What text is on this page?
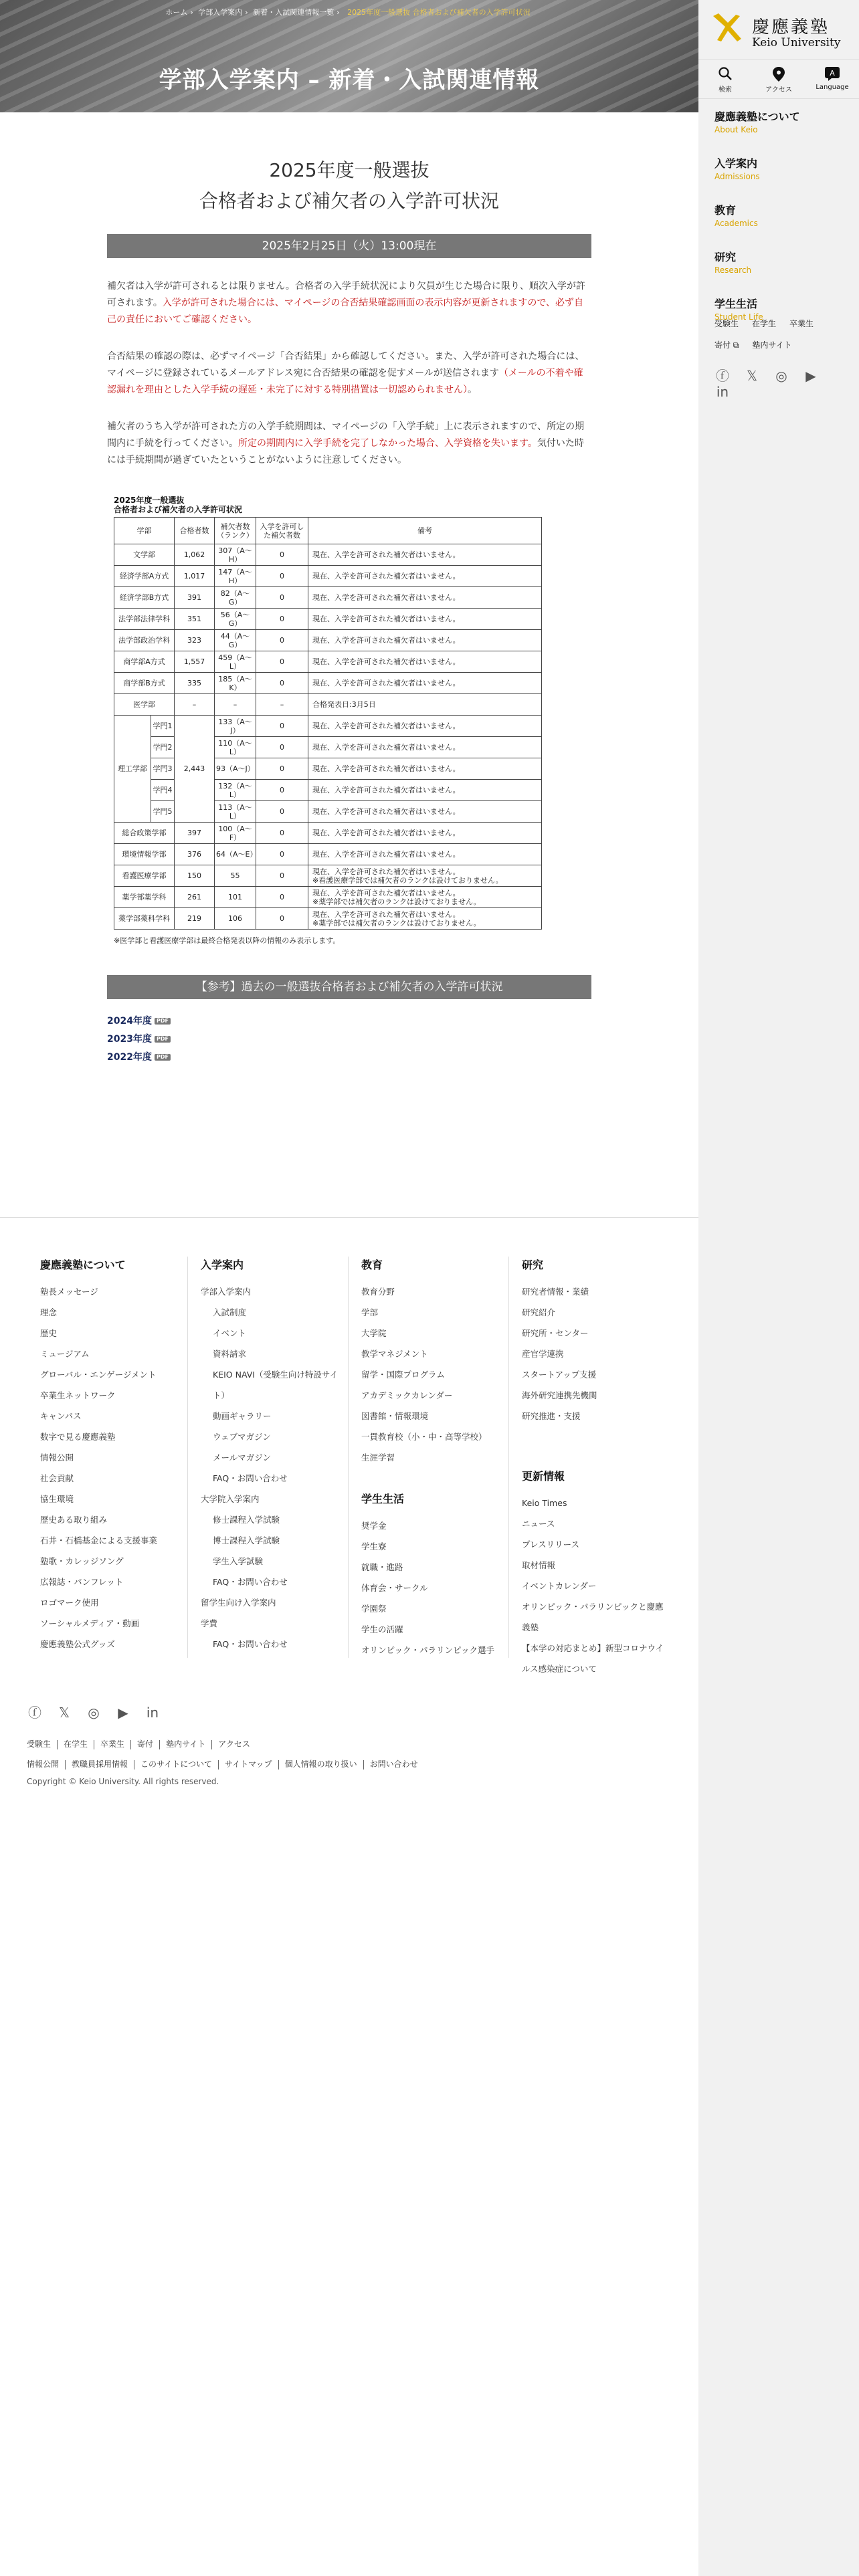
ホーム › 学部入学案内 › 新着・入試関連情報一覧 › 2025年度一般選抜 合格者および補欠者の入学許可状況
学部入学案内 – 新着・入試関連情報
2025年度一般選抜
合格者および補欠者の入学許可状況
2025年2月25日（火）13:00現在

補欠者は入学が許可されるとは限りません。合格者の入学手続状況により欠員が生じた場合に限り、順次入学が許可されます。入学が許可された場合には、マイページの合否結果確認画面の表示内容が更新されますので、必ず自己の責任においてご確認ください。

合否結果の確認の際は、必ずマイページ「合否結果」から確認してください。また、入学が許可された場合には、マイページに登録されているメールアドレス宛に合否結果の確認を促すメールが送信されます（メールの不着や確認漏れを理由とした入学手続の遅延・未完了に対する特別措置は一切認められません）。

補欠者のうち入学が許可された方の入学手続期間は、マイページの「入学手続」上に表示されますので、所定の期間内に手続を行ってください。所定の期間内に入学手続を完了しなかった場合、入学資格を失います。気付いた時には手続期間が過ぎていたということがないように注意してください。

2025年度一般選抜
合格者および補欠者の入学許可状況
学部		合格者数	補欠者数（ランク）	入学を許可した補欠者数	備考
文学部		1,062	307（A〜H）	0	現在、入学を許可された補欠者はいません。
経済学部A方式		1,017	147（A〜H）	0	現在、入学を許可された補欠者はいません。
経済学部B方式		391	82（A〜G）	0	現在、入学を許可された補欠者はいません。
法学部法律学科		351	56（A〜G）	0	現在、入学を許可された補欠者はいません。
法学部政治学科		323	44（A〜G）	0	現在、入学を許可された補欠者はいません。
商学部A方式		1,557	459（A〜L）	0	現在、入学を許可された補欠者はいません。
商学部B方式		335	185（A〜K）	0	現在、入学を許可された補欠者はいません。
医学部		–	–	–	合格発表日:3月5日
理工学部	学門1	2,443	133（A〜J）	0	現在、入学を許可された補欠者はいません。
	学門2		110（A〜L）	0	現在、入学を許可された補欠者はいません。
	学門3		93（A〜J）	0	現在、入学を許可された補欠者はいません。
	学門4		132（A〜L）	0	現在、入学を許可された補欠者はいません。
	学門5		113（A〜L）	0	現在、入学を許可された補欠者はいません。
総合政策学部		397	100（A〜F）	0	現在、入学を許可された補欠者はいません。

環境情報学部		376	64（A〜E）	0	現在、入学を許可された補欠者はいません。

看護医療学部		150	55	0	現在、入学を許可された補欠者はいません。
※看護医療学部では補欠者のランクは設けておりません。

薬学部薬学科		261	101	0	現在、入学を許可された補欠者はいません。
※薬学部では補欠者のランクは設けておりません。

薬学部薬科学科		219	106	0	現在、入学を許可された補欠者はいません。
※薬学部では補欠者のランクは設けておりません。
※医学部と看護医療学部は最終合格発表以降の情報のみ表示します。
【参考】過去の一般選抜合格者および補欠者の入学許可状況
2024年度 PDF
2023年度 PDF
2022年度 PDF
慶應義塾について
塾長メッセージ
理念
歴史
ミュージアム
グローバル・エンゲージメント
卒業生ネットワーク
キャンパス
数字で見る慶應義塾
情報公開
社会貢献
協生環境
歴史ある取り組み
石井・石橋基金による支援事業
塾歌・カレッジソング
広報誌・パンフレット
ロゴマーク使用
ソーシャルメディア・動画
慶應義塾公式グッズ
入学案内
学部入学案内
入試制度
イベント
資料請求
KEIO NAVI（受験生向け特設サイト）
動画ギャラリー
ウェブマガジン
メールマガジン
FAQ・お問い合わせ
大学院入学案内
修士課程入学試験
博士課程入学試験
学生入学試験
FAQ・お問い合わせ
留学生向け入学案内
学費
FAQ・お問い合わせ
教育
教育分野
学部
大学院
教学マネジメント
留学・国際プログラム
アカデミックカレンダー
図書館・情報環境
一貫教育校（小・中・高等学校）
生涯学習
学生生活
奨学金
学生寮
就職・進路
体育会・サークル
学園祭
学生の活躍
オリンピック・パラリンピック選手
研究
研究者情報・業績
研究紹介
研究所・センター
産官学連携
スタートアップ支援
海外研究連携先機関
研究推進・支援
更新情報
Keio Times
ニュース
プレスリリース
取材情報
イベントカレンダー
オリンピック・パラリンピックと慶應義塾
【本学の対応まとめ】新型コロナウイルス感染症について
ⓕ 𝕏 ◎ ▶ in
受験生 在学生 卒業生 寄付 塾内サイト アクセス
情報公開 教職員採用情報 このサイトについて サイトマップ 個人情報の取り扱い お問い合わせ
Copyright © Keio University. All rights reserved.
慶應義塾
Keio University
検索	アクセス
A
Language
慶應義塾について
About Keio
入学案内
Admissions
教育
Academics
研究
Research
学生生活
Student Life
受験生 在学生 卒業生
寄付 ⧉ 塾内サイト
ⓕ 𝕏 ◎ ▶in
